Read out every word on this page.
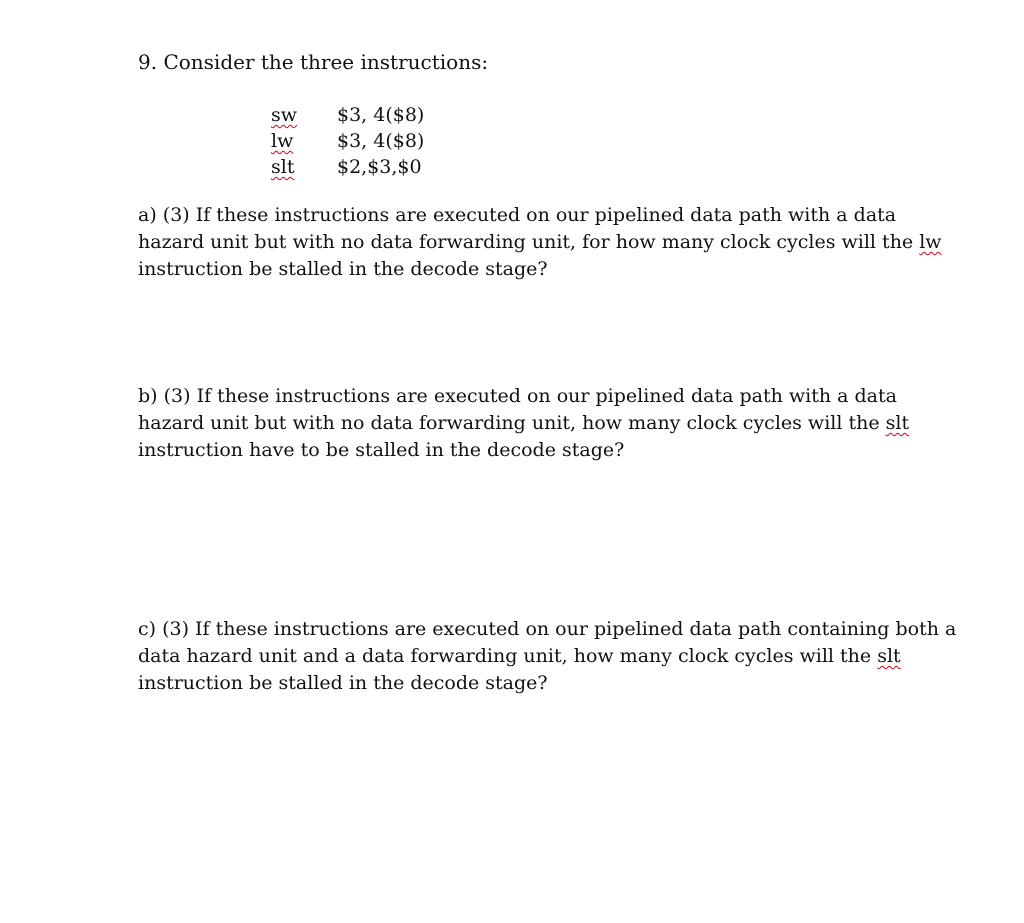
9. Consider the three instructions:
sw	$3, 4($8)
lw	$3, 4($8)
slt	$2,$3,$0

a) (3) If these instructions are executed on our pipelined data path with a data

hazard unit but with no data forwarding unit, for how many clock cycles will the lw

instruction be stalled in the decode stage?

b) (3) If these instructions are executed on our pipelined data path with a data

hazard unit but with no data forwarding unit, how many clock cycles will the slt

instruction have to be stalled in the decode stage?

c) (3) If these instructions are executed on our pipelined data path containing both a

data hazard unit and a data forwarding unit, how many clock cycles will the slt

instruction be stalled in the decode stage?
